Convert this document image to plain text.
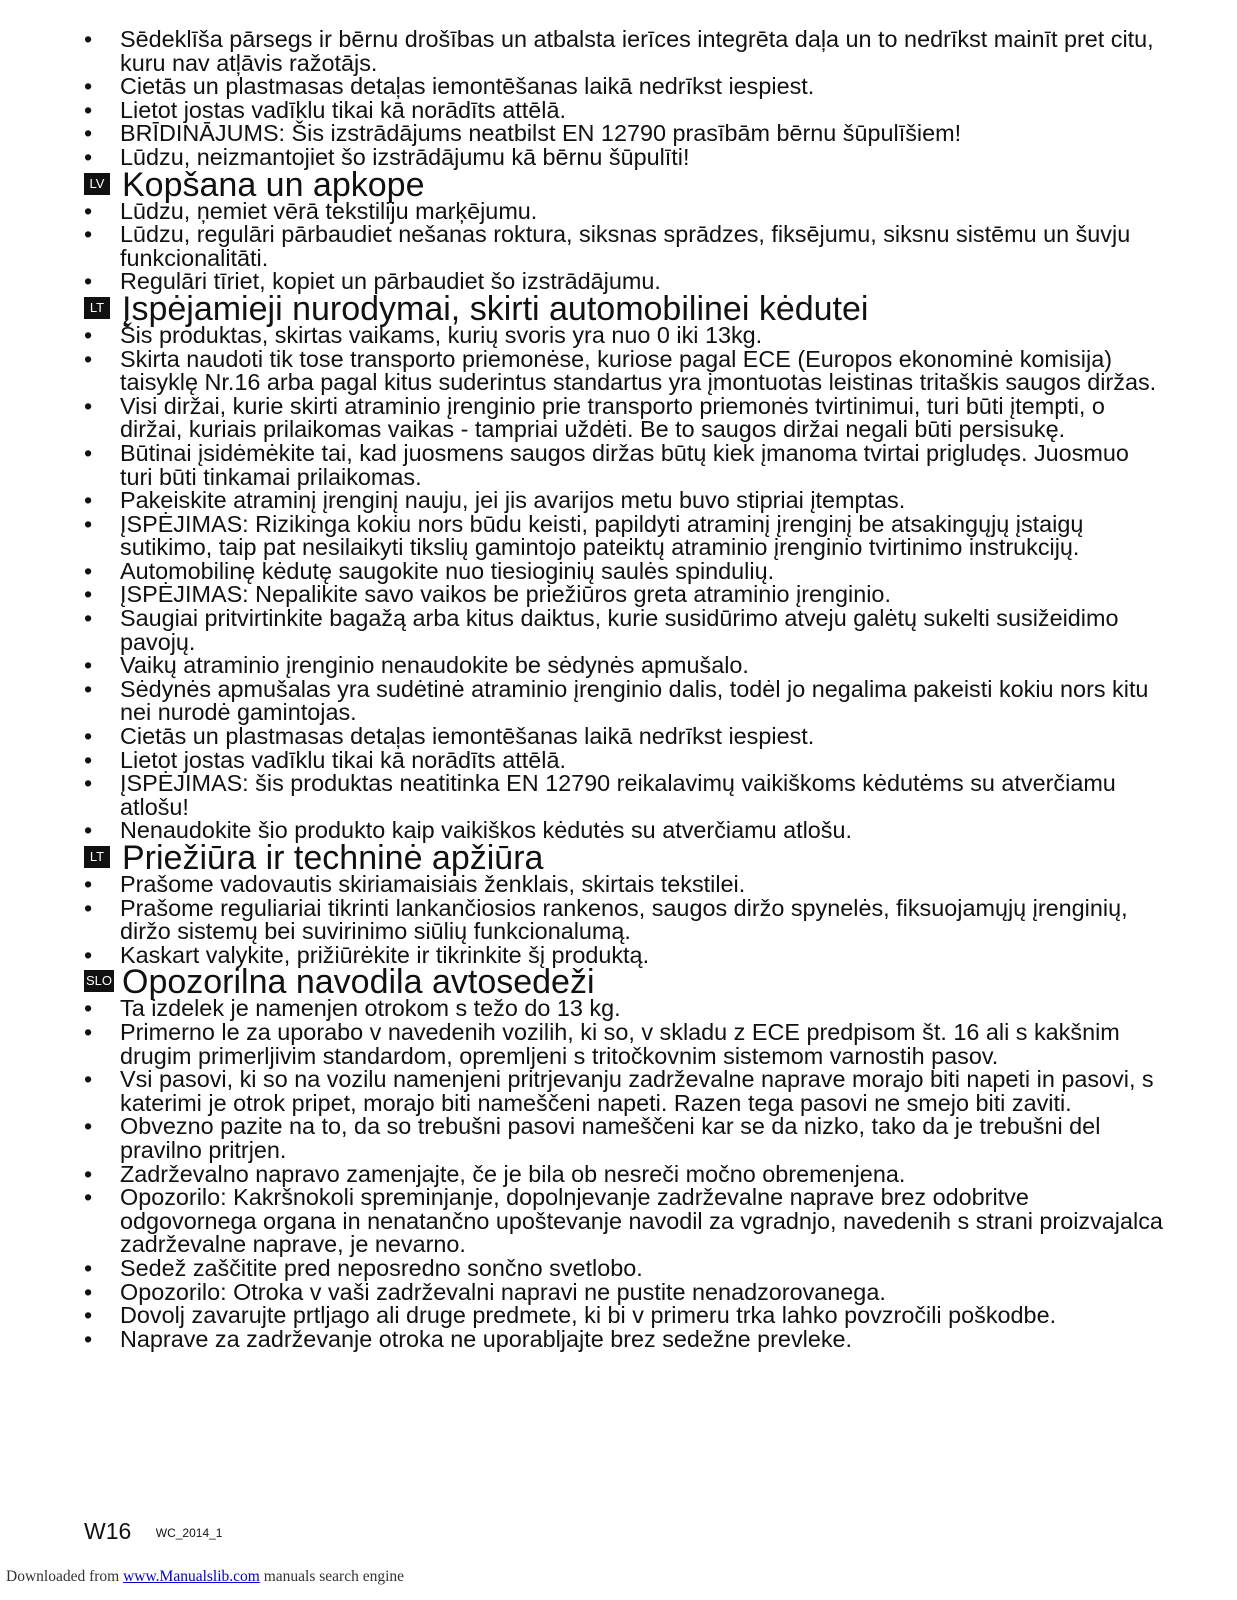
•	Sēdeklīša pārsegs ir bērnu drošības un atbalsta ierīces integrēta daļa un to nedrīkst mainīt pret citu, kuru nav atļāvis ražotājs.
•	Cietās un plastmasas detaļas iemontēšanas laikā nedrīkst iespiest.
•	Lietot jostas vadīklu tikai kā norādīts attēlā.
•	BRĪDINĀJUMS: Šis izstrādājums neatbilst EN 12790 prasībām bērnu šūpulīšiem!
•	Lūdzu, neizmantojiet šo izstrādājumu kā bērnu šūpulīti!
LV Kopšana un apkope
•	Lūdzu, ņemiet vērā tekstiliju marķējumu.
•	Lūdzu, regulāri pārbaudiet nešanas roktura, siksnas sprādzes, fiksējumu, siksnu sistēmu un šuvju funkcionalitāti.
•	Regulāri tīriet, kopiet un pārbaudiet šo izstrādājumu.
LT Įspėjamieji nurodymai, skirti automobilinei kėdutei
•	Šis produktas, skirtas vaikams, kurių svoris yra nuo 0 iki 13kg.
•	Skirta naudoti tik tose transporto priemonėse, kuriose pagal ECE (Europos ekonominė komisija) taisyklę Nr.16 arba pagal kitus suderintus standartus yra įmontuotas leistinas tritaškis saugos diržas.
•	Visi diržai, kurie skirti atraminio įrenginio prie transporto priemonės tvirtinimui, turi būti įtempti, o diržai, kuriais prilaikomas vaikas - tampriai uždėti. Be to saugos diržai negali būti persisukę.
•	Būtinai įsidėmėkite tai, kad juosmens saugos diržas būtų kiek įmanoma tvirtai prigludęs. Juosmuo turi būti tinkamai prilaikomas.
•	Pakeiskite atraminį įrenginį nauju, jei jis avarijos metu buvo stipriai įtemptas.
•	ĮSPĖJIMAS: Rizikinga kokiu nors būdu keisti, papildyti atraminį įrenginį be atsakingųjų įstaigų sutikimo, taip pat nesilaikyti tikslių gamintojo pateiktų atraminio įrenginio tvirtinimo instrukcijų.
•	Automobilinę kėdutę saugokite nuo tiesioginių saulės spindulių.
•	ĮSPĖJIMAS: Nepalikite savo vaikos be priežiūros greta atraminio įrenginio.
•	Saugiai pritvirtinkite bagažą arba kitus daiktus, kurie susidūrimo atveju galėtų sukelti susižeidimo pavojų.
•	Vaikų atraminio įrenginio nenaudokite be sėdynės apmušalo.
•	Sėdynės apmušalas yra sudėtinė atraminio įrenginio dalis, todėl jo negalima pakeisti kokiu nors kitu nei nurodė gamintojas.
•	Cietās un plastmasas detaļas iemontēšanas laikā nedrīkst iespiest.
•	Lietot jostas vadīklu tikai kā norādīts attēlā.
•	ĮSPĖJIMAS: šis produktas neatitinka EN 12790 reikalavimų vaikiškoms kėdutėms su atverčiamu atlošu!
•	Nenaudokite šio produkto kaip vaikiškos kėdutės su atverčiamu atlošu.
LT Priežiūra ir techninė apžiūra
•	Prašome vadovautis skiriamaisiais ženklais, skirtais tekstilei.
•	Prašome reguliariai tikrinti lankančiosios rankenos, saugos diržo spynelės, fiksuojamųjų įrenginių, diržo sistemų bei suvirinimo siūlių funkcionalumą.
•	Kaskart valykite, prižiūrėkite ir tikrinkite šį produktą.
SLO Opozorilna navodila avtosedeži
•	Ta izdelek je namenjen otrokom s težo do 13 kg.
•	Primerno le za uporabo v navedenih vozilih, ki so, v skladu z ECE predpisom št. 16 ali s kakšnim drugim primerljivim standardom, opremljeni s tritočkovnim sistemom varnostih pasov.
•	Vsi pasovi, ki so na vozilu namenjeni pritrjevanju zadrževalne naprave morajo biti napeti in pasovi, s katerimi je otrok pripet, morajo biti nameščeni napeti. Razen tega pasovi ne smejo biti zaviti.
•	Obvezno pazite na to, da so trebušni pasovi nameščeni kar se da nizko, tako da je trebušni del pravilno pritrjen.
•	Zadrževalno napravo zamenjajte, če je bila ob nesreči močno obremenjena.
•	Opozorilo: Kakršnokoli spreminjanje, dopolnjevanje zadrževalne naprave brez odobritve odgovornega organa in nenatančno upoštevanje navodil za vgradnjo, navedenih s strani proizvajalca zadrževalne naprave, je nevarno.
•	Sedež zaščitite pred neposredno sončno svetlobo.
•	Opozorilo: Otroka v vaši zadrževalni napravi ne pustite nenadzorovanega.
•	Dovolj zavarujte prtljago ali druge predmete, ki bi v primeru trka lahko povzročili poškodbe.
•	Naprave za zadrževanje otroka ne uporabljajte brez sedežne prevleke.
W16 WC_2014_1
Downloaded from www.Manualslib.com manuals search engine
